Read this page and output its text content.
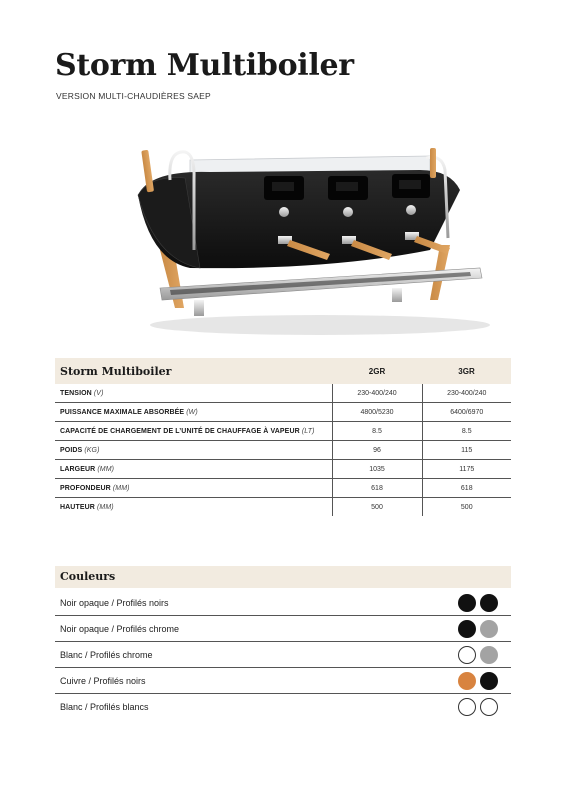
Storm Multiboiler
VERSION MULTI-CHAUDIÈRES SAEP
Storm Multiboiler	2GR	3GR
TENSION (V)	230-400/240	230-400/240
PUISSANCE MAXIMALE ABSORBÉE (W)	4800/5230	6400/6970
CAPACITÉ DE CHARGEMENT DE L’UNITÉ DE CHAUFFAGE À VAPEUR (LT)	8.5	8.5
POIDS (KG)	96	115
LARGEUR (MM)	1035	1175
PROFONDEUR (MM)	618	618
HAUTEUR (MM)	500	500
Couleurs
Noir opaque / Profilés noirs
Noir opaque / Profilés chrome
Blanc / Profilés chrome
Cuivre / Profilés noirs
Blanc / Profilés blancs
